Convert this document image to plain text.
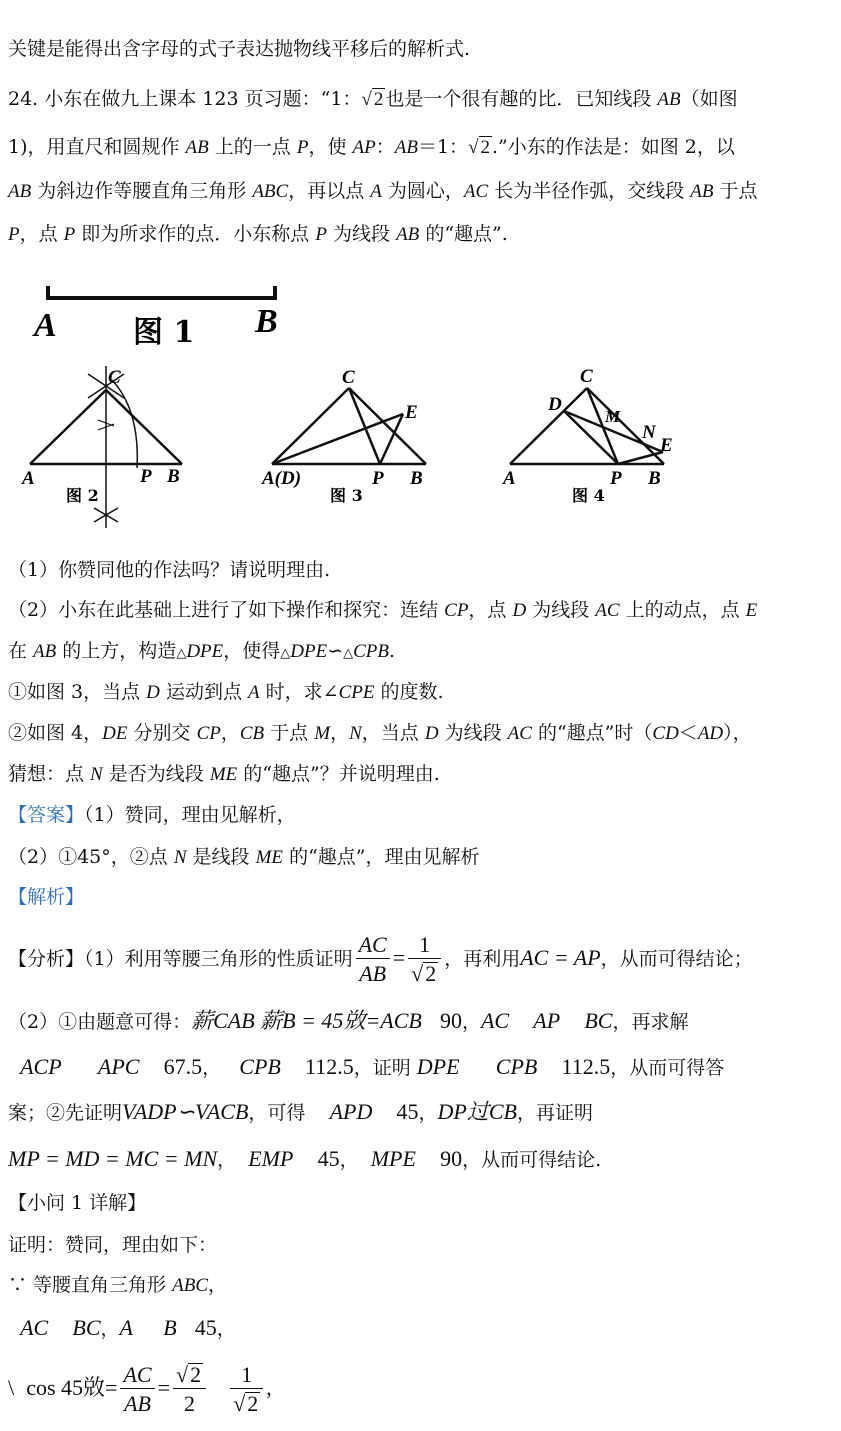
关键是能得出含字母的式子表达抛物线平移后的解析式.
24. 小东在做九上课本 123 页习题：“1：√ 2 也是一个很有趣的比．已知线段 AB（如图
1)，用直尺和圆规作 AB 上的一点 P，使 AP：AB＝1：√ 2 .”小东的作法是：如图 2，以
AB 为斜边作等腰直角三角形 ABC，再以点 A 为圆心，AC 长为半径作弧，交线段 AB 于点
P，点 P 即为所求作的点．小东称点 P 为线段 AB 的“趣点”.
A	B
图 1
C
A	P B
图 2
C
E
A(D)	P B
图 3
C
D
M
N
E
A	P B
图 4
（1）你赞同他的作法吗？请说明理由.
（2）小东在此基础上进行了如下操作和探究：连结 CP，点 D 为线段 AC 上的动点，点 E
在 AB 的上方，构造△DPE，使得△DPE∽△CPB.
①如图 3，当点 D 运动到点 A 时，求∠CPE 的度数.
②如图 4，DE 分别交 CP，CB 于点 M，N，当点 D 为线段 AC 的“趣点”时（CD＜AD），
猜想：点 N 是否为线段 ME 的“趣点”？并说明理由.
【答案】（1）赞同，理由见解析，
（2）①45°，②点 N 是线段 ME 的“趣点”，理由见解析
【解析】
【分析】（1）利用等腰三角形的性质证明 $\frac{AC}{AB} = \frac{1}{√2}$ ，再利用AC = AP，从而可得结论；
（2）①由题意可得：薪CAB 薪B = 45敚=ACB 90，AC AP BC，再求解
ACP APC 67.5， CPB 112.5，证明 DPE CPB 112.5，从而可得答
案；②先证明VADP∽VACB，可得 APD 45，DP过CB，再证明
MP = MD = MC = MN， EMP 45， MPE 90，从而可得结论.
【小问 1 详解】
证明：赞同，理由如下：
∵ 等腰直角三角形 ABC，
AC BC，A B 45，
\ cos 45敚= $\frac{AC}{AB} = \frac{√2}{2}$
$\frac{1}{√2}$ ,
